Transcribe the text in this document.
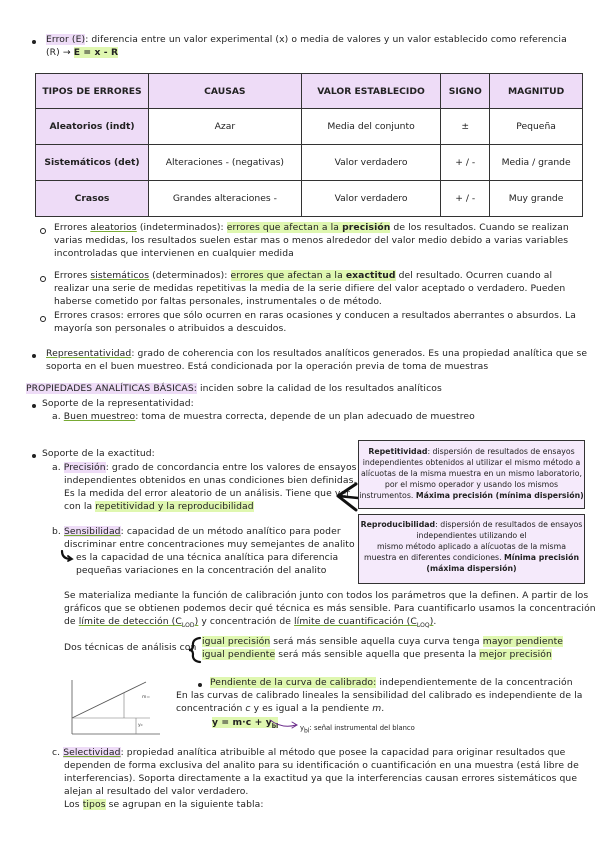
Error (E): diferencia entre un valor experimental (x) o media de valores y un valor establecido como referencia
(R) → E = x - R
TIPOS DE ERRORES	CAUSAS	VALOR ESTABLECIDO	SIGNO	MAGNITUD
Aleatorios (indt)	Azar	Media del conjunto	±	Pequeña
Sistemáticos (det)	Alteraciones - (negativas)	Valor verdadero	+ / -	Media / grande
Crasos	Grandes alteraciones -	Valor verdadero	+ / -	Muy grande
Errores aleatorios (indeterminados): errores que afectan a la precisión de los resultados. Cuando se realizan
varias medidas, los resultados suelen estar mas o menos alrededor del valor medio debido a varias variables
incontroladas que intervienen en cualquier medida
Errores sistemáticos (determinados): errores que afectan a la exactitud del resultado. Ocurren cuando al
realizar una serie de medidas repetitivas la media de la serie difiere del valor aceptado o verdadero. Pueden
haberse cometido por faltas personales, instrumentales o de método.
Errores crasos: errores que sólo ocurren en raras ocasiones y conducen a resultados aberrantes o absurdos. La
mayoría son personales o atribuidos a descuidos.
Representatividad: grado de coherencia con los resultados analíticos generados. Es una propiedad analítica que se
soporta en el buen muestreo. Está condicionada por la operación previa de toma de muestras
PROPIEDADES ANALÍTICAS BÁSICAS: inciden sobre la calidad de los resultados analíticos
Soporte de la representatividad:
a. Buen muestreo: toma de muestra correcta, depende de un plan adecuado de muestreo
Soporte de la exactitud:
a. Precisión: grado de concordancia entre los valores de ensayos
independientes obtenidos en unas condiciones bien definidas.
Es la medida del error aleatorio de un análisis. Tiene que ver
con la repetitividad y la reproducibilidad
Repetitividad: dispersión de resultados de ensayos
independientes obtenidos al utilizar el mismo método a
alícuotas de la misma muestra en un mismo laboratorio,
por el mismo operador y usando los mismos
instrumentos. Máxima precisión (mínima dispersión)
Reproducibilidad: dispersión de resultados de ensayos
independientes utilizando el
mismo método aplicado a alícuotas de la misma
muestra en diferentes condiciones. Mínima precisión
(máxima dispersión)
b. Sensibilidad: capacidad de un método analítico para poder
discriminar entre concentraciones muy semejantes de analito
es la capacidad de una técnica analítica para diferencia
pequeñas variaciones en la concentración del analito
Se materializa mediante la función de calibración junto con todos los parámetros que la definen. A partir de los
gráficos que se obtienen podemos decir qué técnica es más sensible. Para cuantificarlo usamos la concentración
de límite de detección $(C_{LOD})$ y concentración de límite de cuantificación $(C_{LOQ})$.
Dos técnicas de análisis con
igual precisión será más sensible aquella cuya curva tenga mayor pendiente
igual pendiente será más sensible aquella que presenta la mejor precisión
m=
y₀
Pendiente de la curva de calibrado: independientemente de la concentración
En las curvas de calibrado lineales la sensibilidad del calibrado es independiente de la
concentración c y es igual a la pendiente m.
$y = m\cdot c + y_{bl}$	$y_{bl}$: señal instrumental del blanco
c. Selectividad: propiedad analítica atribuible al método que posee la capacidad para originar resultados que
dependen de forma exclusiva del analito para su identificación o cuantificación en una muestra (está libre de
interferencias). Soporta directamente a la exactitud ya que la interferencias causan errores sistemáticos que
alejan al resultado del valor verdadero.
Los tipos se agrupan en la siguiente tabla:
